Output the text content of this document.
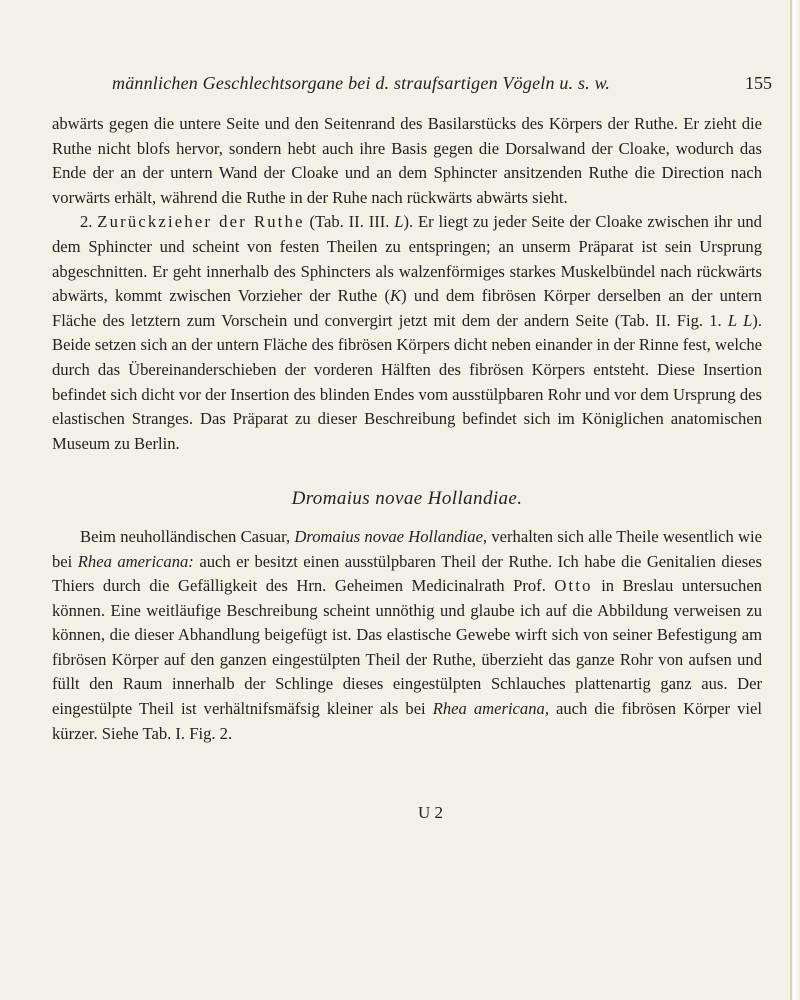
männlichen Geschlechtsorgane bei d. straufsartigen Vögeln u. s. w.	155

abwärts gegen die untere Seite und den Seitenrand des Basilarstücks des Körpers der Ruthe. Er zieht die Ruthe nicht blofs hervor, sondern hebt auch ihre Basis gegen die Dorsalwand der Cloake, wodurch das Ende der an der untern Wand der Cloake und an dem Sphincter ansitzenden Ruthe die Direction nach vorwärts erhält, während die Ruthe in der Ruhe nach rückwärts abwärts sieht.

2. Zurückzieher der Ruthe (Tab. II. III. L). Er liegt zu jeder Seite der Cloake zwischen ihr und dem Sphincter und scheint von festen Theilen zu entspringen; an unserm Präparat ist sein Ursprung abgeschnitten. Er geht innerhalb des Sphincters als walzenförmiges starkes Muskelbündel nach rückwärts abwärts, kommt zwischen Vorzieher der Ruthe (K) und dem fibrösen Körper derselben an der untern Fläche des letztern zum Vorschein und convergirt jetzt mit dem der andern Seite (Tab. II. Fig. 1. L L). Beide setzen sich an der untern Fläche des fibrösen Körpers dicht neben einander in der Rinne fest, welche durch das Übereinanderschieben der vorderen Hälften des fibrösen Körpers entsteht. Diese Insertion befindet sich dicht vor der Insertion des blinden Endes vom ausstülpbaren Rohr und vor dem Ursprung des elastischen Stranges. Das Präparat zu dieser Beschreibung befindet sich im Königlichen anatomischen Museum zu Berlin.

Dromaius novae Hollandiae.

Beim neuholländischen Casuar, Dromaius novae Hollandiae, verhalten sich alle Theile wesentlich wie bei Rhea americana: auch er besitzt einen ausstülpbaren Theil der Ruthe. Ich habe die Genitalien dieses Thiers durch die Gefälligkeit des Hrn. Geheimen Medicinalrath Prof. Otto in Breslau untersuchen können. Eine weitläufige Beschreibung scheint unnöthig und glaube ich auf die Abbildung verweisen zu können, die dieser Abhandlung beigefügt ist. Das elastische Gewebe wirft sich von seiner Befestigung am fibrösen Körper auf den ganzen eingestülpten Theil der Ruthe, überzieht das ganze Rohr von aufsen und füllt den Raum innerhalb der Schlinge dieses eingestülpten Schlauches plattenartig ganz aus. Der eingestülpte Theil ist verhältnifsmäfsig kleiner als bei Rhea americana, auch die fibrösen Körper viel kürzer. Siehe Tab. I. Fig. 2.

U 2
